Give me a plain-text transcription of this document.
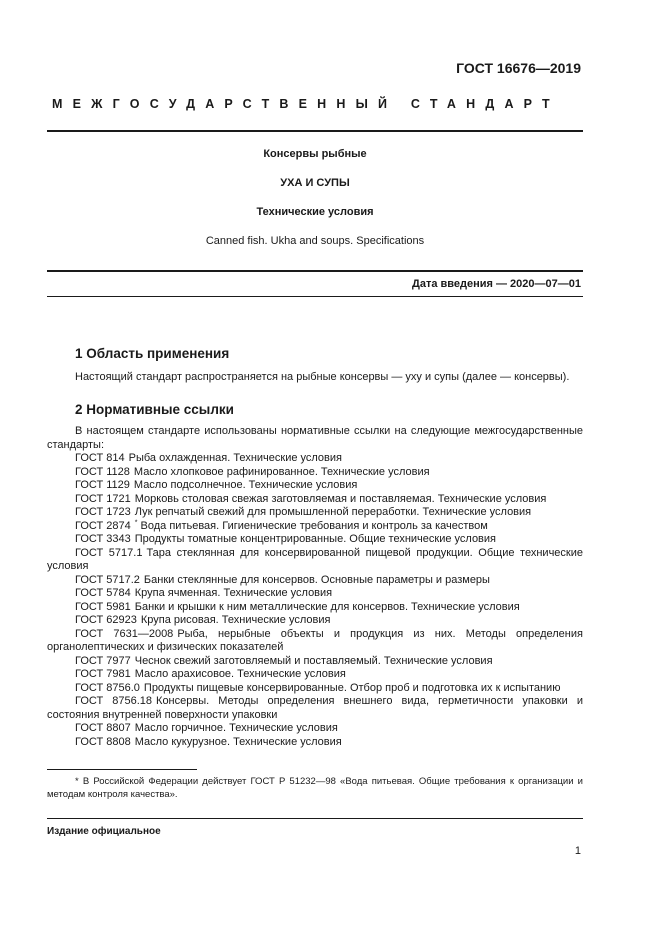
ГОСТ 16676—2019
МЕЖГОСУДАРСТВЕННЫЙ СТАНДАРТ
Консервы рыбные
УХА И СУПЫ
Технические условия
Canned fish. Ukha and soups. Specifications
Дата введения — 2020—07—01
1 Область применения
Настоящий стандарт распространяется на рыбные консервы — уху и супы (далее — консервы).
2 Нормативные ссылки

В настоящем стандарте использованы нормативные ссылки на следующие межгосударственные стандарты:

ГОСТ 814 Рыба охлажденная. Технические условия

ГОСТ 1128 Масло хлопковое рафинированное. Технические условия

ГОСТ 1129 Масло подсолнечное. Технические условия

ГОСТ 1721 Морковь столовая свежая заготовляемая и поставляемая. Технические условия

ГОСТ 1723 Лук репчатый свежий для промышленной переработки. Технические условия

ГОСТ 2874 * Вода питьевая. Гигиенические требования и контроль за качеством

ГОСТ 3343 Продукты томатные концентрированные. Общие технические условия

ГОСТ 5717.1 Тара стеклянная для консервированной пищевой продукции. Общие технические условия

ГОСТ 5717.2 Банки стеклянные для консервов. Основные параметры и размеры

ГОСТ 5784 Крупа ячменная. Технические условия

ГОСТ 5981 Банки и крышки к ним металлические для консервов. Технические условия

ГОСТ 62923 Крупа рисовая. Технические условия

ГОСТ 7631—2008 Рыба, нерыбные объекты и продукция из них. Методы определения органолептических и физических показателей

ГОСТ 7977 Чеснок свежий заготовляемый и поставляемый. Технические условия

ГОСТ 7981 Масло арахисовое. Технические условия

ГОСТ 8756.0 Продукты пищевые консервированные. Отбор проб и подготовка их к испытанию

ГОСТ 8756.18 Консервы. Методы определения внешнего вида, герметичности упаковки и состояния внутренней поверхности упаковки

ГОСТ 8807 Масло горчичное. Технические условия

ГОСТ 8808 Масло кукурузное. Технические условия

* В Российской Федерации действует ГОСТ Р 51232—98 «Вода питьевая. Общие требования к организации и методам контроля качества».

Издание официальное
1
